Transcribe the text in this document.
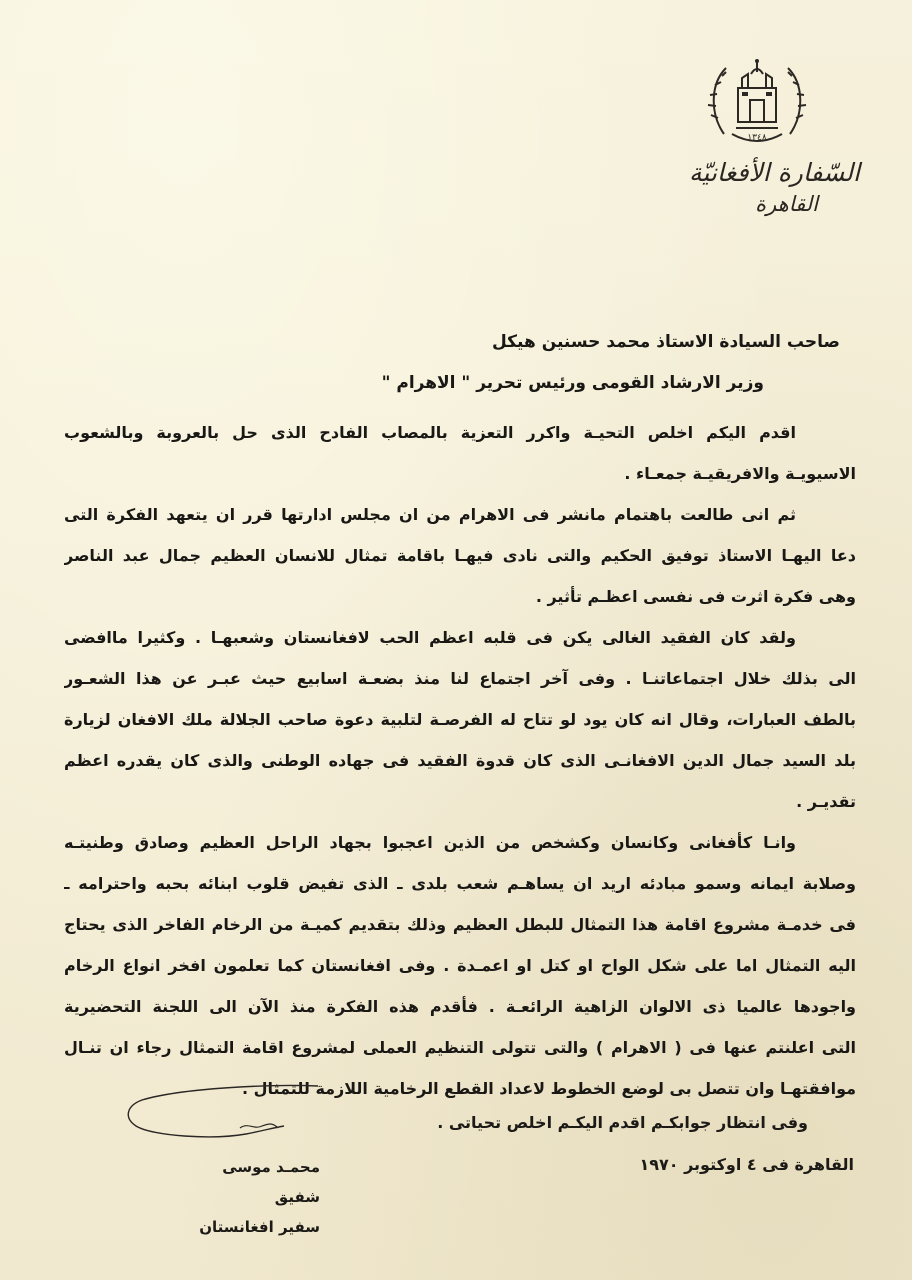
١٣٤٨
السّفارة الأفغانيّة
القاهرة
صاحب السيادة الاستاذ محمد حسنين هيكل
وزير الارشاد القومى ورئيس تحرير " الاهرام "
اقدم اليكم اخلص التحيـة واكرر التعزية بالمصاب الفادح الذى حل بالعروبة وبالشعوب
الاسيويـة والافريقيـة جمعـاء .
ثم انى طالعت باهتمام مانشر فى الاهرام من ان مجلس ادارتها قرر ان يتعهد الفكرة التى
دعا اليهـا الاستاذ توفيق الحكيم والتى نادى فيهـا باقامة تمثال للانسان العظيم جمال عبد الناصر
وهى فكرة اثرت فى نفسى اعظـم تأثير .
ولقد كان الفقيد الغالى يكن فى قلبه اعظم الحب لافغانستان وشعبهـا . وكثيرا ماافضى
الى بذلك خلال اجتماعاتنـا . وفى آخر اجتماع لنا منذ بضعـة اسابيع حيث عبـر عن هذا الشعـور
بالطف العبارات، وقال انه كان يود لو تتاح له الفرصـة لتلبية دعوة صاحب الجلالة ملك الافغان لزيارة
بلد السيد جمال الدين الافغانـى الذى كان قدوة الفقيد فى جهاده الوطنى والذى كان يقدره اعظم
تقديـر .
وانـا كأفغانى وكانسان وكشخص من الذين اعجبوا بجهاد الراحل العظيم وصادق وطنيتـه
وصلابة ايمانه وسمو مبادئه اريد ان يساهـم شعب بلدى ـ الذى تفيض قلوب ابنائه بحبه واحترامه ـ
فى خدمـة مشروع اقامة هذا التمثال للبطل العظيم وذلك بتقديم كميـة من الرخام الفاخر الذى يحتاج
اليه التمثال اما على شكل الواح او كتل او اعمـدة . وفى افغانستان كما تعلمون افخر انواع الرخام
واجودها عالميا ذى الالوان الزاهية الرائعـة . فأقدم هذه الفكرة منذ الآن الى اللجنة التحضيرية
التى اعلنتم عنها فى ( الاهرام ) والتى تتولى التنظيم العملى لمشروع اقامة التمثال رجاء ان تنـال
موافقتهـا وان تتصل بى لوضع الخطوط لاعداد القطع الرخامية اللازمة للتمثال .
وفى انتظار جوابكـم اقدم اليكـم اخلص تحياتى .
القاهرة فى ٤ اوكتوبر ١٩٧٠
محمـد موسى شفيق
سفير افغانستان
